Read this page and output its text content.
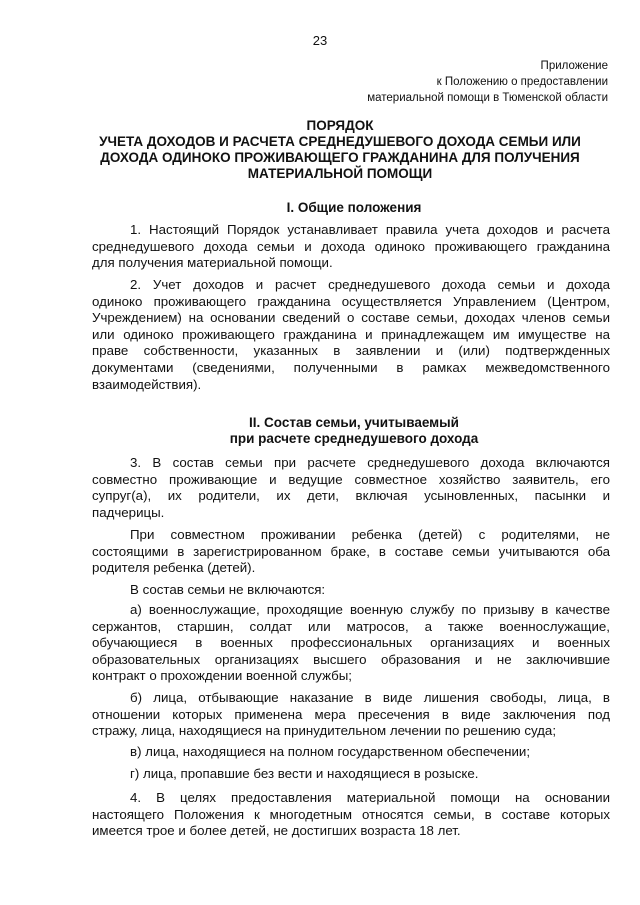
23
Приложение
к Положению о предоставлении
материальной помощи в Тюменской области
ПОРЯДОК
УЧЕТА ДОХОДОВ И РАСЧЕТА СРЕДНЕДУШЕВОГО ДОХОДА СЕМЬИ ИЛИ
ДОХОДА ОДИНОКО ПРОЖИВАЮЩЕГО ГРАЖДАНИНА ДЛЯ ПОЛУЧЕНИЯ
МАТЕРИАЛЬНОЙ ПОМОЩИ
I. Общие положения
1. Настоящий Порядок устанавливает правила учета доходов и расчета
среднедушевого дохода семьи и дохода одиноко проживающего гражданина
для получения материальной помощи.
2. Учет доходов и расчет среднедушевого дохода семьи и дохода
одиноко проживающего гражданина осуществляется Управлением (Центром,
Учреждением) на основании сведений о составе семьи, доходах членов семьи
или одиноко проживающего гражданина и принадлежащем им имуществе на
праве собственности, указанных в заявлении и (или) подтвержденных
документами (сведениями, полученными в рамках межведомственного
взаимодействия).
II. Состав семьи, учитываемый
при расчете среднедушевого дохода
3. В состав семьи при расчете среднедушевого дохода включаются
совместно проживающие и ведущие совместное хозяйство заявитель, его
супруг(а), их родители, их дети, включая усыновленных, пасынки и
падчерицы.
При совместном проживании ребенка (детей) с родителями, не
состоящими в зарегистрированном браке, в составе семьи учитываются оба
родителя ребенка (детей).
В состав семьи не включаются:
а) военнослужащие, проходящие военную службу по призыву в качестве
сержантов, старшин, солдат или матросов, а также военнослужащие,
обучающиеся в военных профессиональных организациях и военных
образовательных организациях высшего образования и не заключившие
контракт о прохождении военной службы;
б) лица, отбывающие наказание в виде лишения свободы, лица, в
отношении которых применена мера пресечения в виде заключения под
стражу, лица, находящиеся на принудительном лечении по решению суда;
в) лица, находящиеся на полном государственном обеспечении;
г) лица, пропавшие без вести и находящиеся в розыске.
4. В целях предоставления материальной помощи на основании
настоящего Положения к многодетным относятся семьи, в составе которых
имеется трое и более детей, не достигших возраста 18 лет.
